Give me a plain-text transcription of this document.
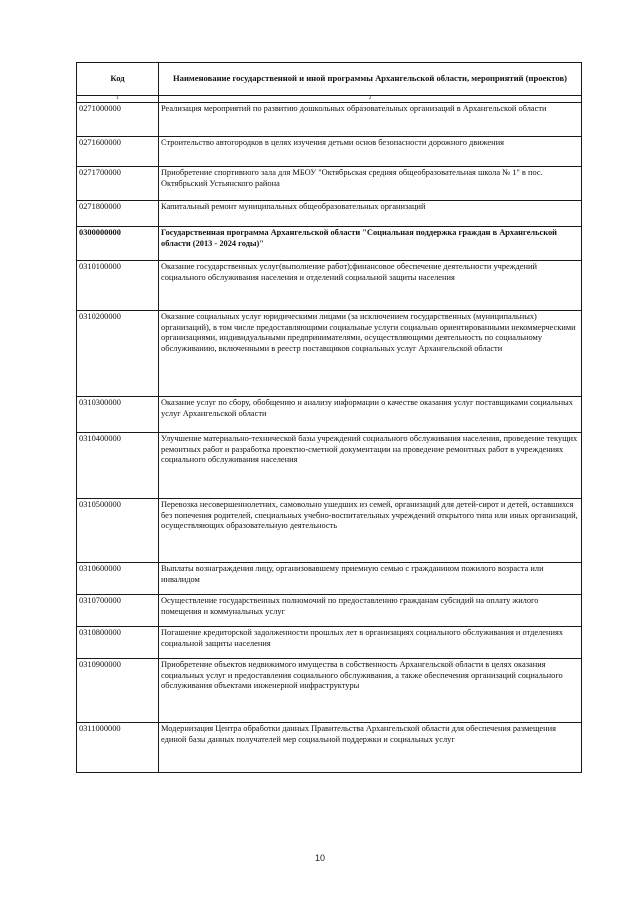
Код	Наименование государственной и иной программы Архангельской области, мероприятий (проектов)
1	2
0271000000	Реализация мероприятий по развитию дошкольных образовательных организаций в Архангельской области
0271600000	Строительство автогородков в целях изучения детьми основ безопасности дорожного движения
0271700000	Приобретение спортивного зала для МБОУ "Октябрьская средняя общеобразовательная школа № 1" в пос. Октябрьский Устьянского района
0271800000	Капитальный ремонт муниципальных общеобразовательных организаций
0300000000	Государственная программа Архангельской области "Социальная поддержка граждан в Архангельской области (2013 - 2024 годы)"
0310100000	Оказание государственных услуг(выполнение работ);финансовое обеспечение деятельности учреждений социального обслуживания населения и отделений социальной защиты населения
0310200000	Оказание социальных услуг юридическими лицами (за исключением государственных (муниципальных) организаций), в том числе предоставляющими социальные услуги социально ориентированными некоммерческими организациями, индивидуальными предпринимателями, осуществляющими деятельность по социальному обслуживанию, включенными в реестр поставщиков социальных услуг Архангельской области
0310300000	Оказание услуг по сбору, обобщению и анализу информации о качестве оказания услуг поставщиками социальных услуг Архангельской области
0310400000	Улучшение материально-технической базы учреждений социального обслуживания населения, проведение текущих ремонтных работ и разработка проектно-сметной документации на проведение ремонтных работ в учреждениях социального обслуживания населения
0310500000	Перевозка несовершеннолетних, самовольно ушедших из семей, организаций для детей-сирот и детей, оставшихся без попечения родителей, специальных учебно-воспитательных учреждений открытого типа или иных организаций, осуществляющих образовательную деятельность
0310600000	Выплаты вознаграждения лицу, организовавшему приемную семью с гражданином пожилого возраста или инвалидом
0310700000	Осуществление государственных полномочий по предоставлению гражданам субсидий на оплату жилого помещения и коммунальных услуг
0310800000	Погашение кредиторской задолженности прошлых лет в организациях социального обслуживания и отделениях социальной защиты населения
0310900000	Приобретение объектов недвижимого имущества в собственность Архангельской области в целях оказания социальных услуг и предоставления социального обслуживания, а также обеспечения организаций социального обслуживания объектами инженерной инфраструктуры
0311000000	Модернизация Центра обработки данных Правительства Архангельской области для обеспечения размещения единой базы данных получателей мер социальной поддержки и социальных услуг
10
